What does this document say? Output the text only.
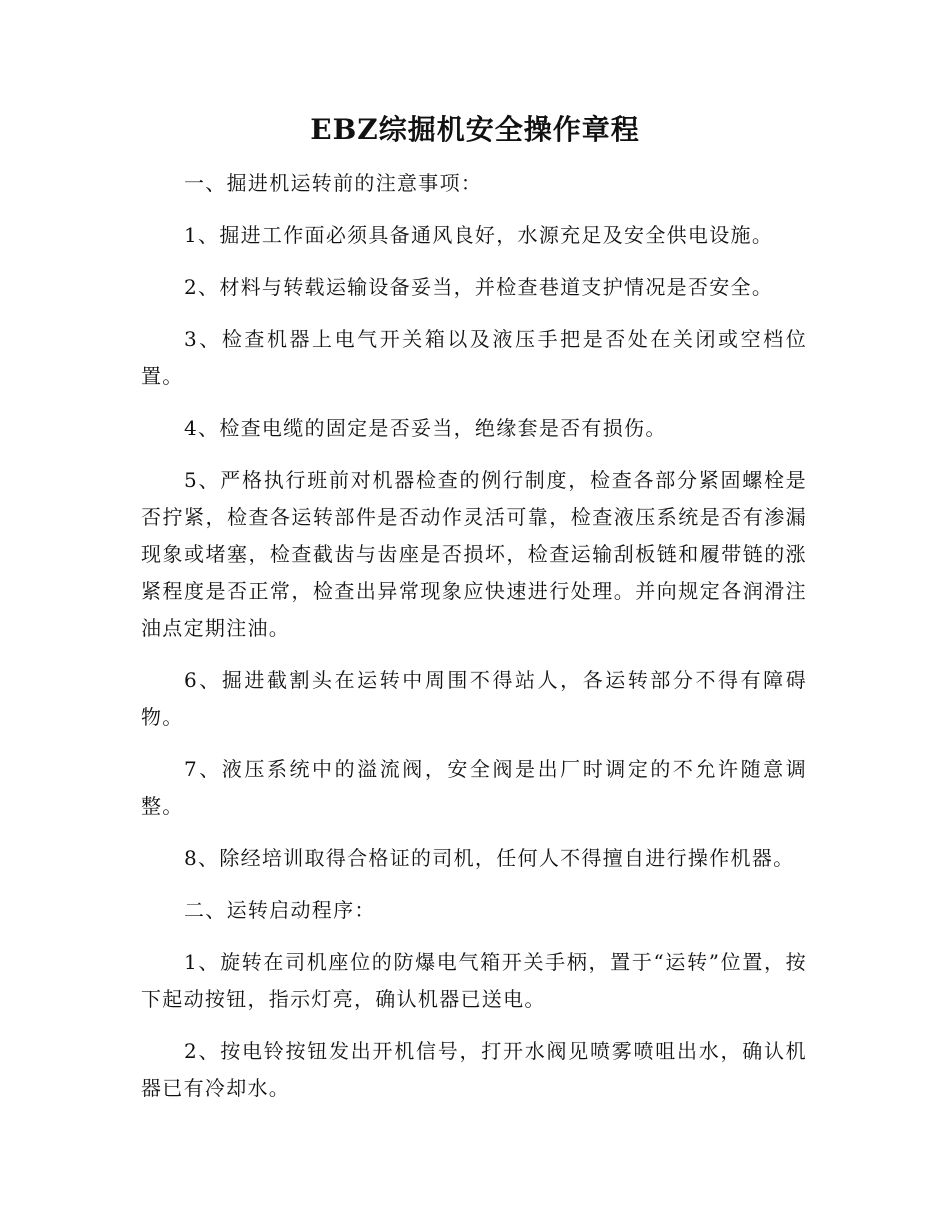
EBZ综掘机安全操作章程

一、掘进机运转前的注意事项：

1、掘进工作面必须具备通风良好，水源充足及安全供电设施。

2、材料与转载运输设备妥当，并检查巷道支护情况是否安全。

3、检查机器上电气开关箱以及液压手把是否处在关闭或空档位置。

4、检查电缆的固定是否妥当，绝缘套是否有损伤。

5、严格执行班前对机器检查的例行制度，检查各部分紧固螺栓是否拧紧，检查各运转部件是否动作灵活可靠，检查液压系统是否有渗漏现象或堵塞，检查截齿与齿座是否损坏，检查运输刮板链和履带链的涨紧程度是否正常，检查出异常现象应快速进行处理。并向规定各润滑注油点定期注油。

6、掘进截割头在运转中周围不得站人，各运转部分不得有障碍物。

7、液压系统中的溢流阀，安全阀是出厂时调定的不允许随意调整。

8、除经培训取得合格证的司机，任何人不得擅自进行操作机器。

二、运转启动程序：

1、旋转在司机座位的防爆电气箱开关手柄，置于“运转”位置，按下起动按钮，指示灯亮，确认机器已送电。

2、按电铃按钮发出开机信号，打开水阀见喷雾喷咀出水，确认机器已有冷却水。
